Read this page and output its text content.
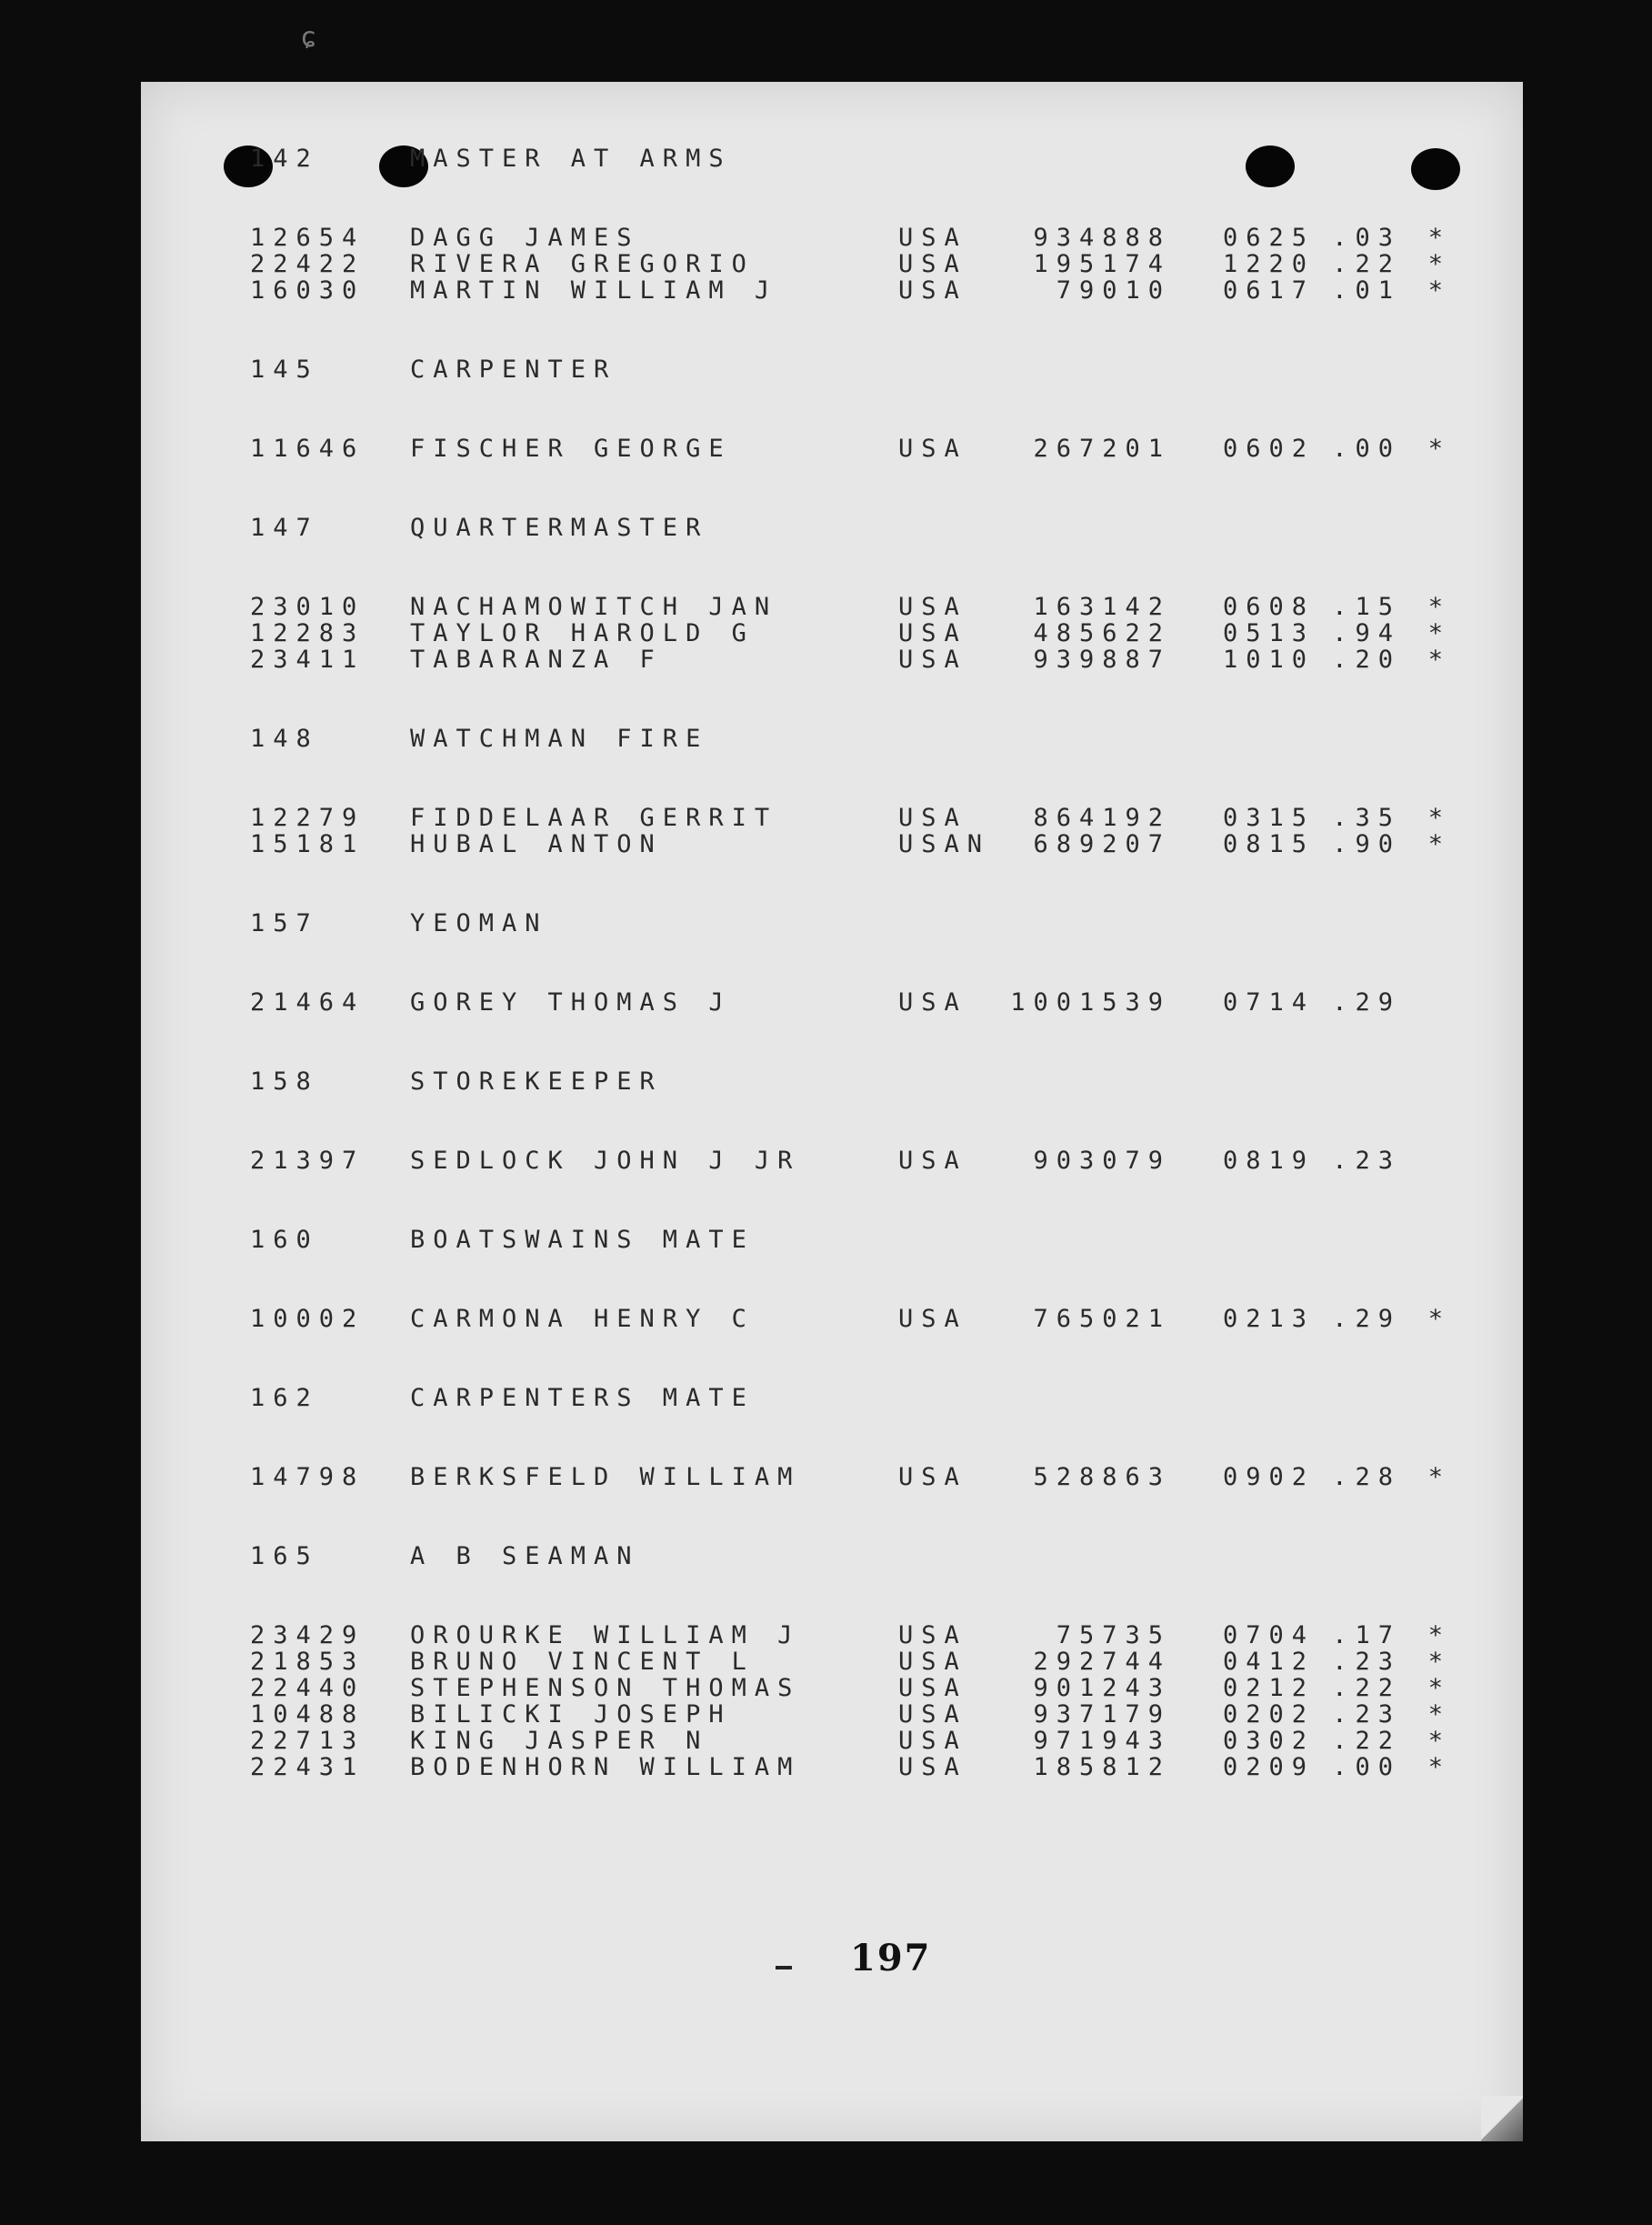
ɕ
142	MASTER AT ARMS
12654	DAGG JAMES	USA	934888	0625 .03	*
22422	RIVERA GREGORIO	USA	195174	1220 .22	*
16030	MARTIN WILLIAM J	USA	79010	0617 .01	*
145	CARPENTER
11646	FISCHER GEORGE	USA	267201	0602 .00	*
147	QUARTERMASTER
23010	NACHAMOWITCH JAN	USA	163142	0608 .15	*
12283	TAYLOR HAROLD G	USA	485622	0513 .94	*
23411	TABARANZA F	USA	939887	1010 .20	*
148	WATCHMAN FIRE
12279	FIDDELAAR GERRIT	USA	864192	0315 .35	*
15181	HUBAL ANTON	USAN	689207	0815 .90	*
157	YEOMAN
21464	GOREY THOMAS J	USA	1001539	0714 .29
158	STOREKEEPER
21397	SEDLOCK JOHN J JR	USA	903079	0819 .23
160	BOATSWAINS MATE
10002	CARMONA HENRY C	USA	765021	0213 .29	*
162	CARPENTERS MATE
14798	BERKSFELD WILLIAM	USA	528863	0902 .28	*
165	A B SEAMAN
23429	OROURKE WILLIAM J	USA	75735	0704 .17	*
21853	BRUNO VINCENT L	USA	292744	0412 .23	*
22440	STEPHENSON THOMAS	USA	901243	0212 .22	*
10488	BILICKI JOSEPH	USA	937179	0202 .23	*
22713	KING JASPER N	USA	971943	0302 .22	*
22431	BODENHORN WILLIAM	USA	185812	0209 .00	*
197
